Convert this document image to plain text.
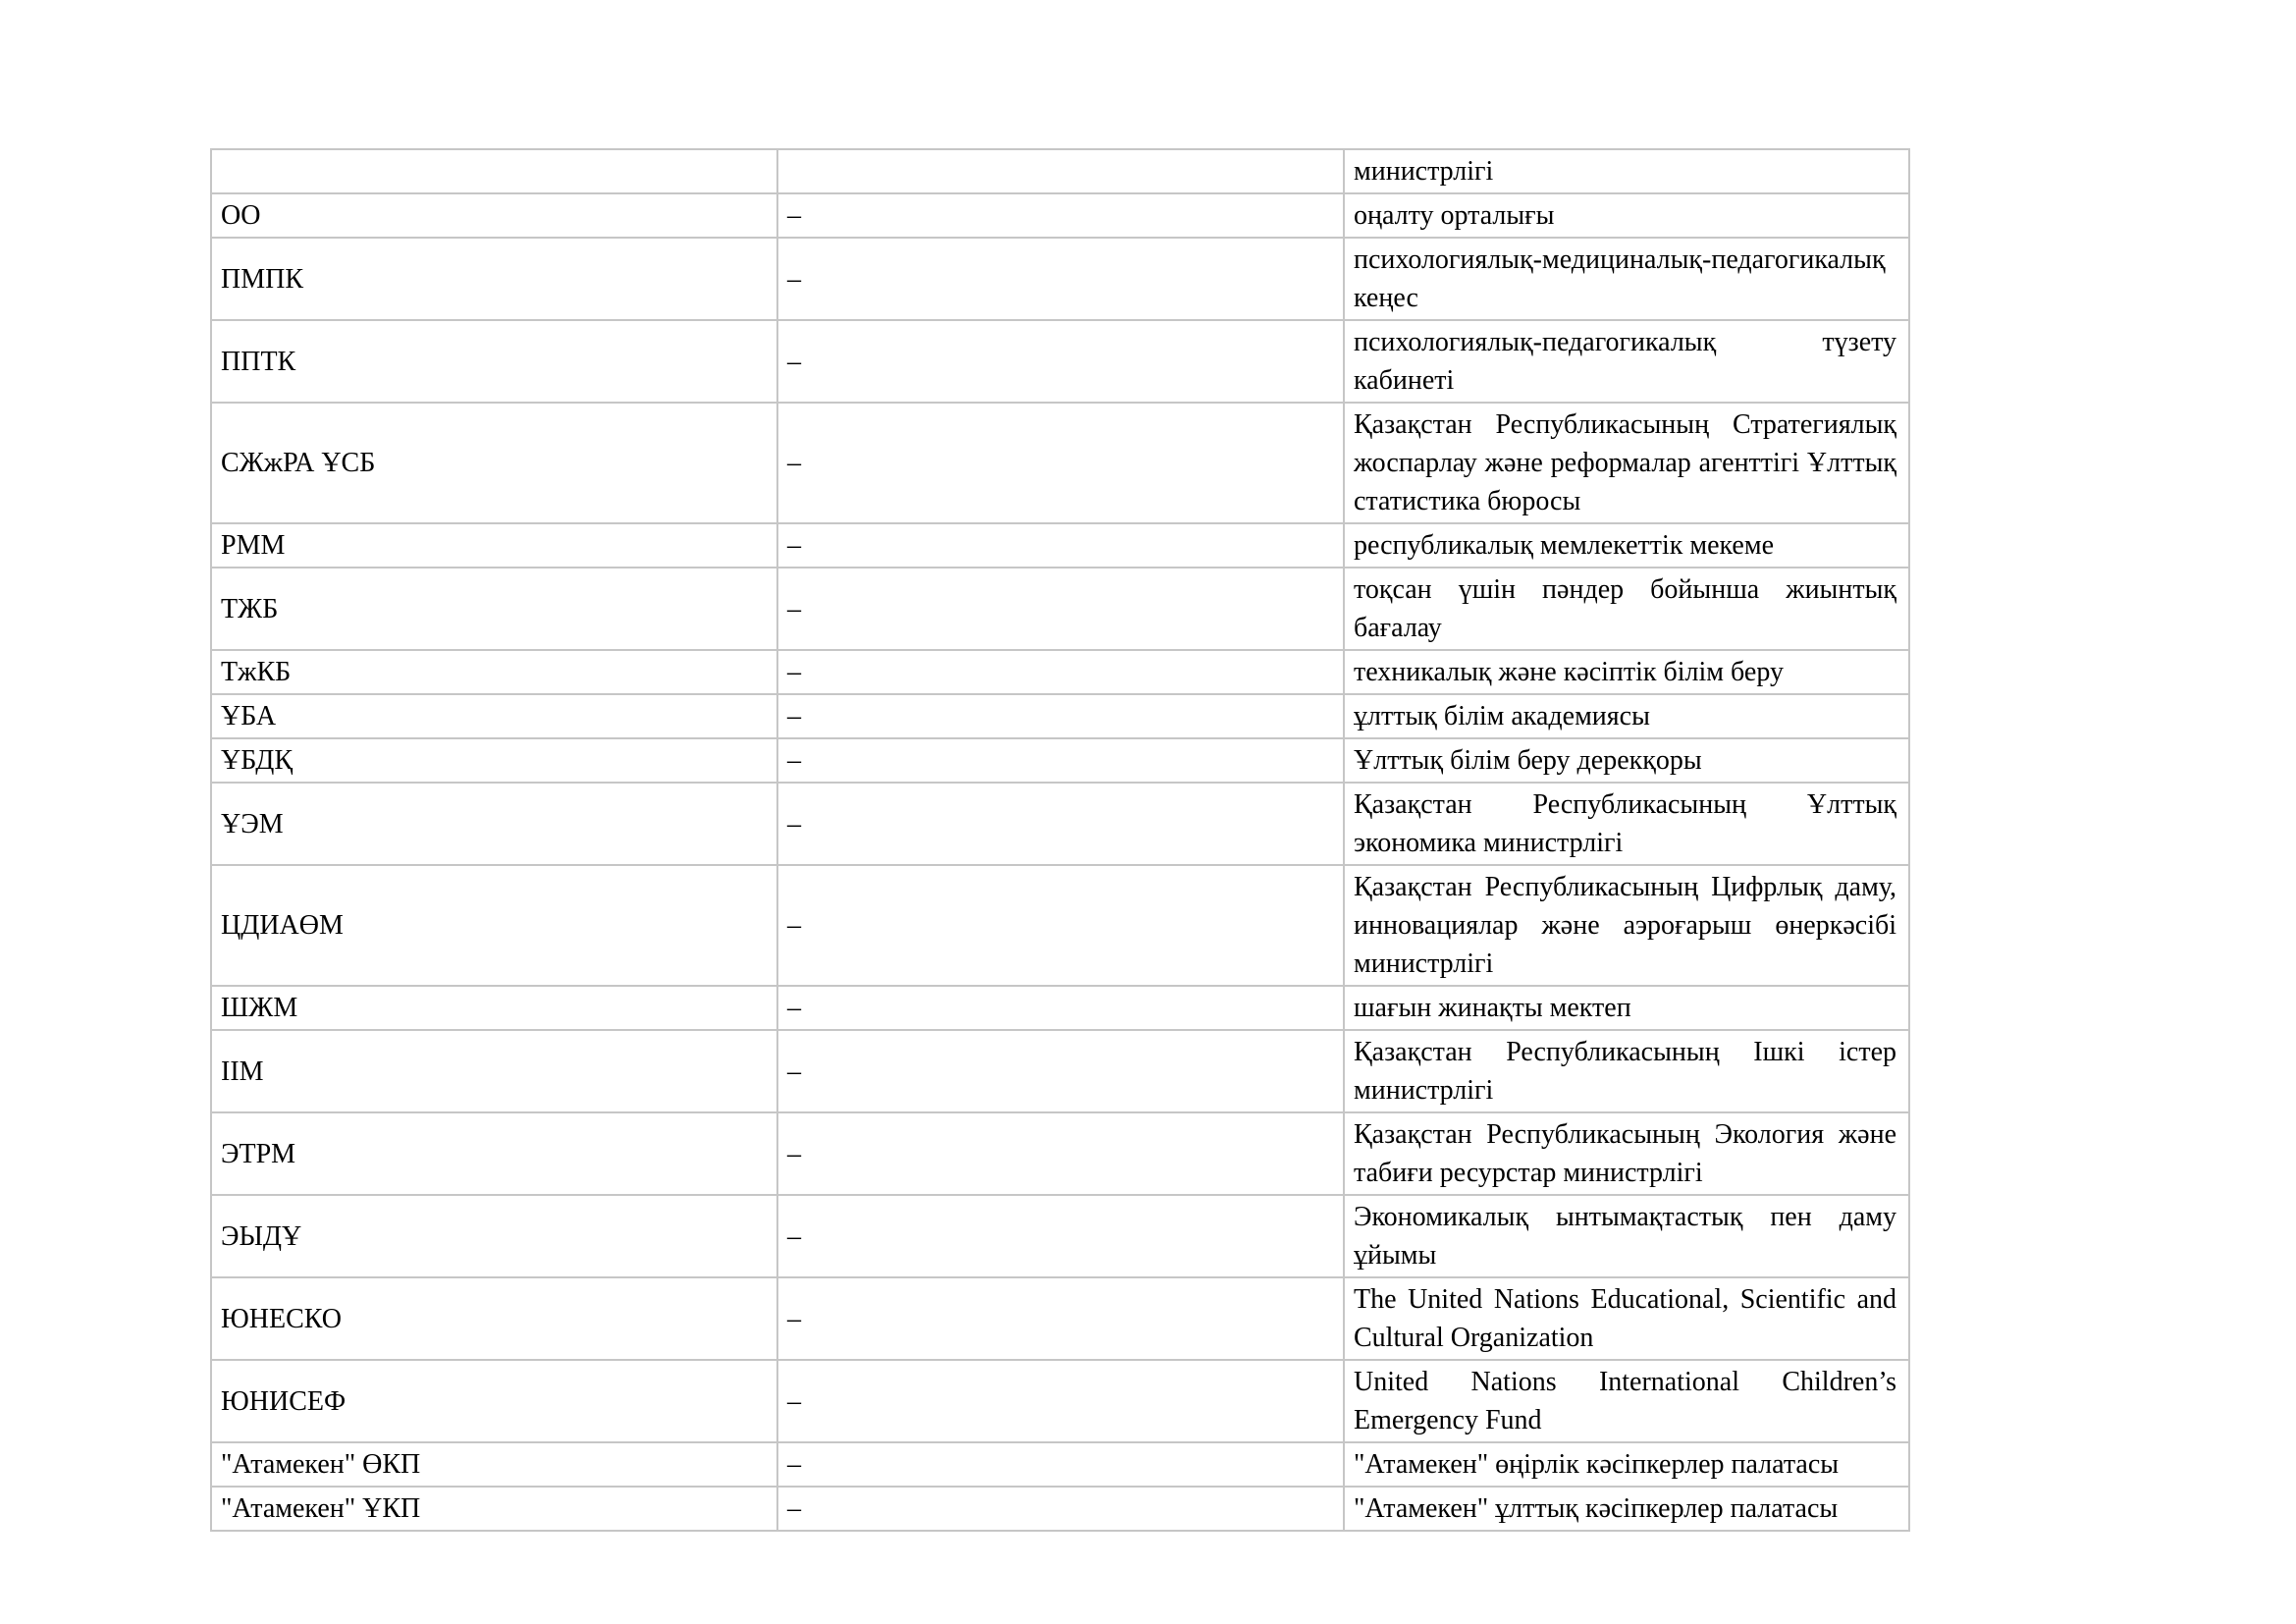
		министрлігі

ОО	–	оңалту орталығы

ПМПК	–	психологиялық-медициналық-педагогикалық
кеңес

ППТК	–	психологиялық-педагогикалық түзету кабинеті

СЖжРА ҰСБ	–	Қазақстан Республикасының Стратегиялық
жоспарлау және реформалар агенттігі Ұлттық
статистика бюросы

РММ	–	республикалық мемлекеттік мекеме

ТЖБ	–	тоқсан үшін пәндер бойынша жиынтық
бағалау

ТжКБ	–	техникалық және кәсіптік білім беру

ҰБА	–	ұлттық білім академиясы

ҰБДҚ	–	Ұлттық білім беру дерекқоры

ҰЭМ	–	Қазақстан Республикасының Ұлттық
экономика министрлігі

ЦДИАӨМ	–	Қазақстан Республикасының Цифрлық даму,
инновациялар және аэроғарыш өнеркәсібі
министрлігі

ШЖМ	–	шағын жинақты мектеп

ІІМ	–	Қазақстан Республикасының Ішкі істер
министрлігі

ЭТРМ	–	Қазақстан Республикасының Экология және
табиғи ресурстар министрлігі

ЭЫДҰ	–	Экономикалық ынтымақтастық пен даму
ұйымы

ЮНЕСКО	–	The United Nations Educational, Scientific and
Cultural Organization

ЮНИСЕФ	–	United Nations International Children’s
Emergency Fund

"Атамекен" ӨКП	–	"Атамекен" өңірлік кәсіпкерлер палатасы

"Атамекен" ҰКП	–	"Атамекен" ұлттық кәсіпкерлер палатасы
